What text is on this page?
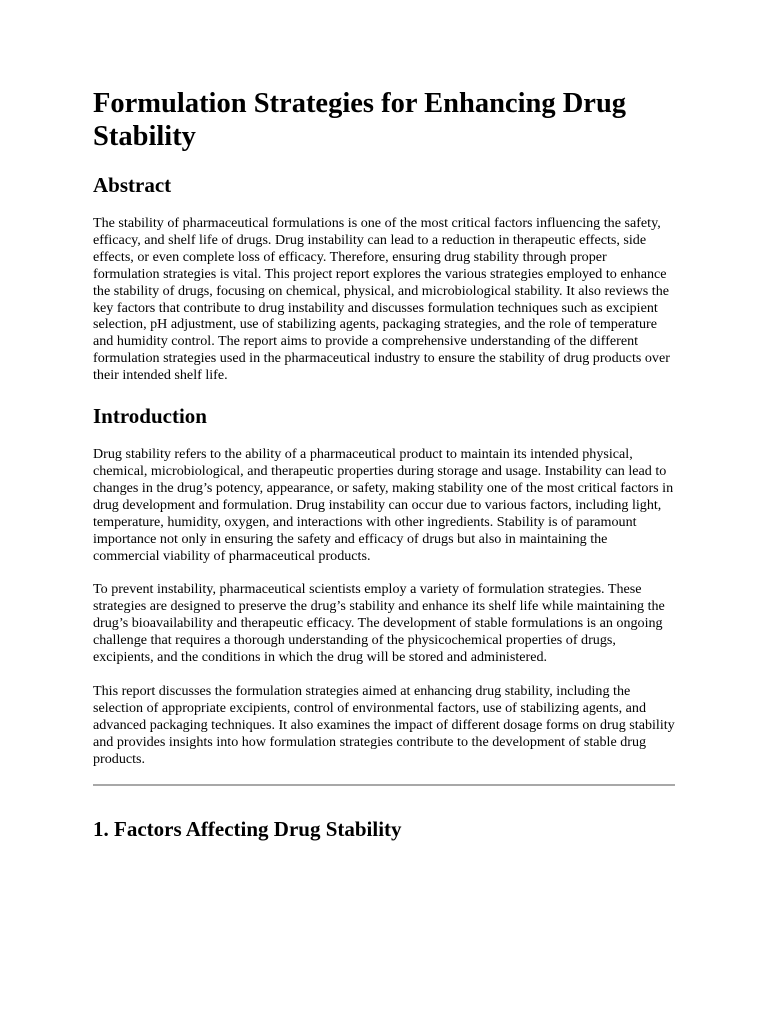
Formulation Strategies for Enhancing Drug Stability
Abstract

The stability of pharmaceutical formulations is one of the most critical factors influencing the safety, efficacy, and shelf life of drugs. Drug instability can lead to a reduction in therapeutic effects, side effects, or even complete loss of efficacy. Therefore, ensuring drug stability through proper formulation strategies is vital. This project report explores the various strategies employed to enhance the stability of drugs, focusing on chemical, physical, and microbiological stability. It also reviews the key factors that contribute to drug instability and discusses formulation techniques such as excipient selection, pH adjustment, use of stabilizing agents, packaging strategies, and the role of temperature and humidity control. The report aims to provide a comprehensive understanding of the different formulation strategies used in the pharmaceutical industry to ensure the stability of drug products over their intended shelf life.

Introduction

Drug stability refers to the ability of a pharmaceutical product to maintain its intended physical, chemical, microbiological, and therapeutic properties during storage and usage. Instability can lead to changes in the drug’s potency, appearance, or safety, making stability one of the most critical factors in drug development and formulation. Drug instability can occur due to various factors, including light, temperature, humidity, oxygen, and interactions with other ingredients. Stability is of paramount importance not only in ensuring the safety and efficacy of drugs but also in maintaining the commercial viability of pharmaceutical products.

To prevent instability, pharmaceutical scientists employ a variety of formulation strategies. These strategies are designed to preserve the drug’s stability and enhance its shelf life while maintaining the drug’s bioavailability and therapeutic efficacy. The development of stable formulations is an ongoing challenge that requires a thorough understanding of the physicochemical properties of drugs, excipients, and the conditions in which the drug will be stored and administered.

This report discusses the formulation strategies aimed at enhancing drug stability, including the selection of appropriate excipients, control of environmental factors, use of stabilizing agents, and advanced packaging techniques. It also examines the impact of different dosage forms on drug stability and provides insights into how formulation strategies contribute to the development of stable drug products.

1. Factors Affecting Drug Stability
